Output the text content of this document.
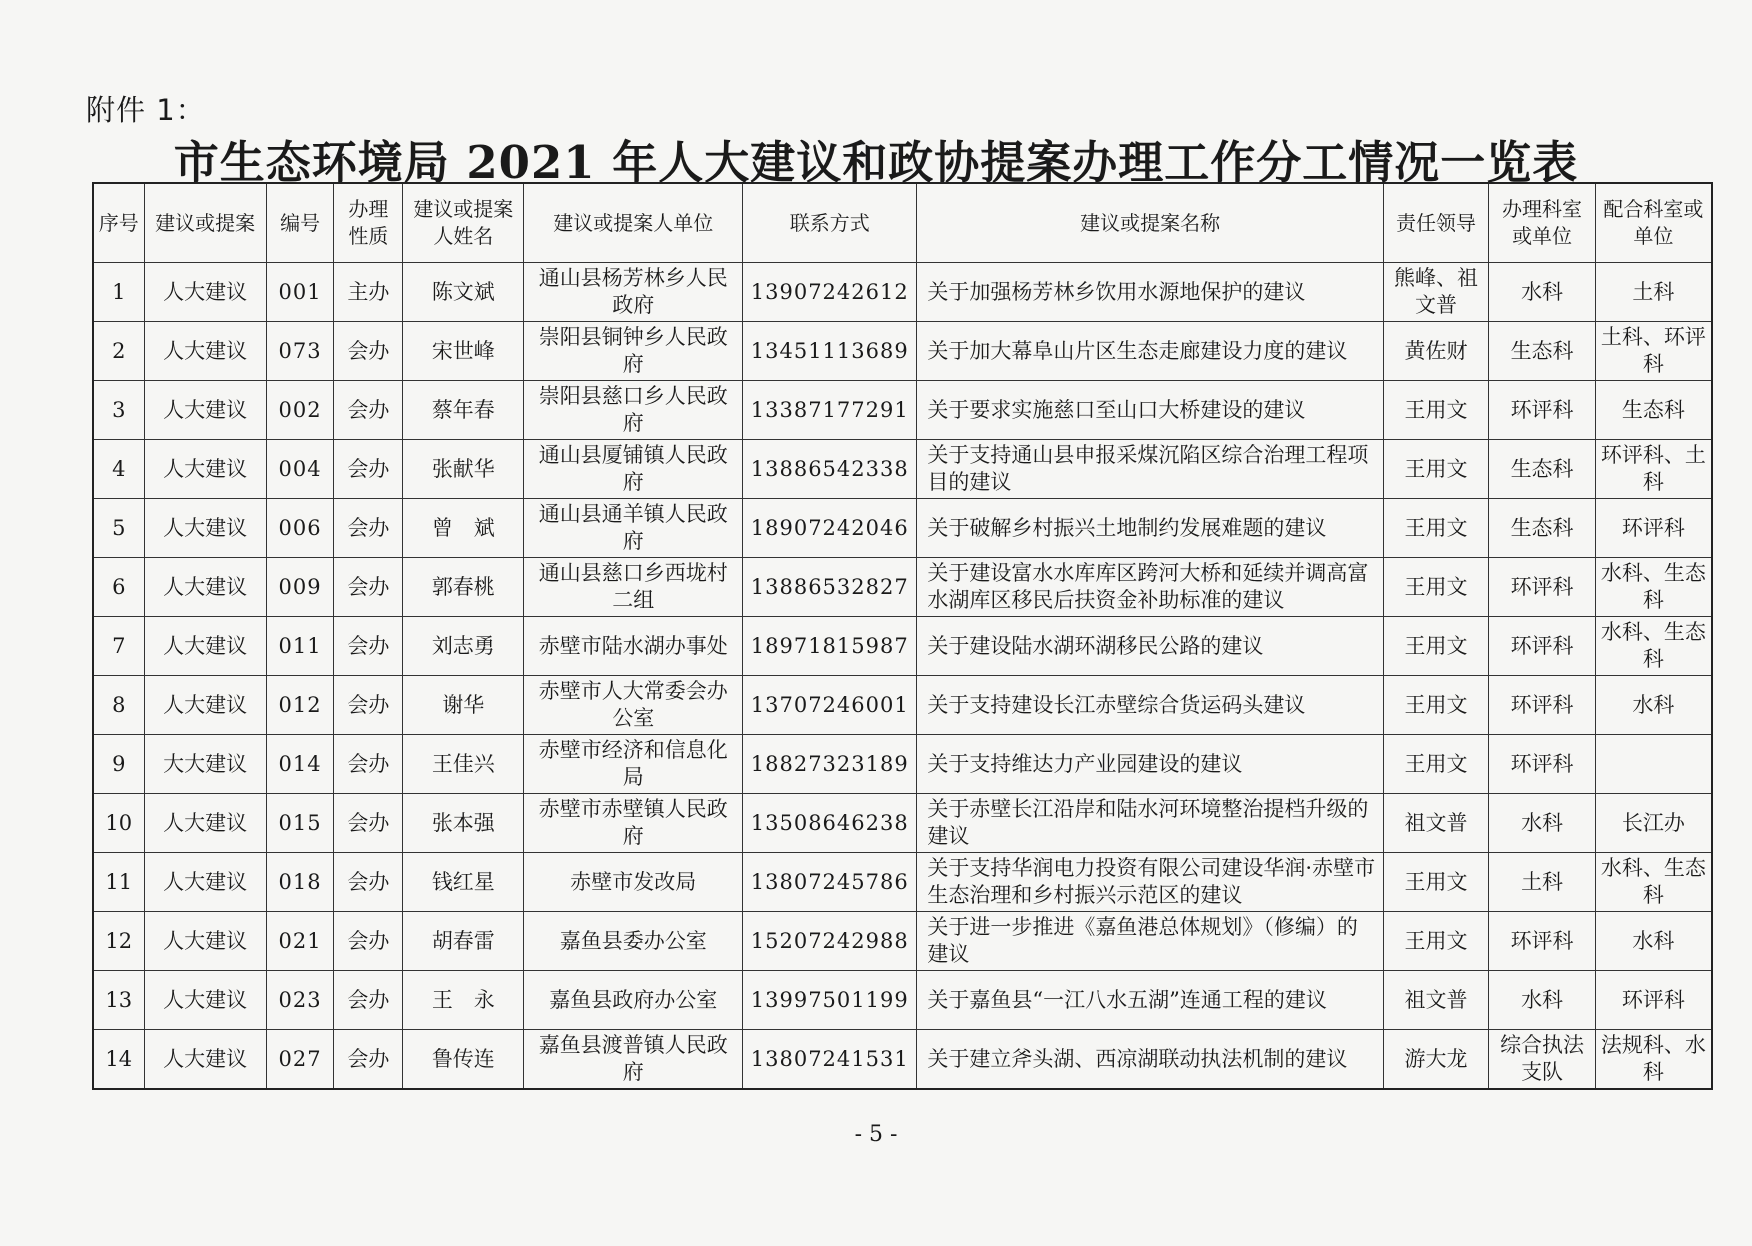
附件 1：
市生态环境局 2021 年人大建议和政协提案办理工作分工情况一览表
序号	建议或提案	编号	办理性质	建议或提案人姓名	建议或提案人单位	联系方式	建议或提案名称	责任领导	办理科室或单位	配合科室或单位
1	人大建议	001	主办	陈文斌	通山县杨芳林乡人民政府	13907242612	关于加强杨芳林乡饮用水源地保护的建议	熊峰、祖文普	水科	土科
2	人大建议	073	会办	宋世峰	崇阳县铜钟乡人民政府	13451113689	关于加大幕阜山片区生态走廊建设力度的建议	黄佐财	生态科	土科、环评科
3	人大建议	002	会办	蔡年春	崇阳县慈口乡人民政府	13387177291	关于要求实施慈口至山口大桥建设的建议	王用文	环评科	生态科
4	人大建议	004	会办	张献华	通山县厦铺镇人民政府	13886542338	关于支持通山县申报采煤沉陷区综合治理工程项目的建议	王用文	生态科	环评科、土科
5	人大建议	006	会办	曾　斌	通山县通羊镇人民政府	18907242046	关于破解乡村振兴土地制约发展难题的建议	王用文	生态科	环评科
6	人大建议	009	会办	郭春桃	通山县慈口乡西垅村二组	13886532827	关于建设富水水库库区跨河大桥和延续并调高富水湖库区移民后扶资金补助标准的建议	王用文	环评科	水科、生态科
7	人大建议	011	会办	刘志勇	赤壁市陆水湖办事处	18971815987	关于建设陆水湖环湖移民公路的建议	王用文	环评科	水科、生态科
8	人大建议	012	会办	谢华	赤壁市人大常委会办公室	13707246001	关于支持建设长江赤壁综合货运码头建议	王用文	环评科	水科
9	大大建议	014	会办	王佳兴	赤壁市经济和信息化局	18827323189	关于支持维达力产业园建设的建议	王用文	环评科	
10	人大建议	015	会办	张本强	赤壁市赤壁镇人民政府	13508646238	关于赤壁长江沿岸和陆水河环境整治提档升级的建议	祖文普	水科	长江办
11	人大建议	018	会办	钱红星	赤壁市发改局	13807245786	关于支持华润电力投资有限公司建设华润·赤壁市生态治理和乡村振兴示范区的建议	王用文	土科	水科、生态科
12	人大建议	021	会办	胡春雷	嘉鱼县委办公室	15207242988	关于进一步推进《嘉鱼港总体规划》（修编）的建议	王用文	环评科	水科
13	人大建议	023	会办	王　永	嘉鱼县政府办公室	13997501199	关于嘉鱼县“一江八水五湖”连通工程的建议	祖文普	水科	环评科
14	人大建议	027	会办	鲁传连	嘉鱼县渡普镇人民政府	13807241531	关于建立斧头湖、西凉湖联动执法机制的建议	游大龙	综合执法支队	法规科、水科
- 5 -
